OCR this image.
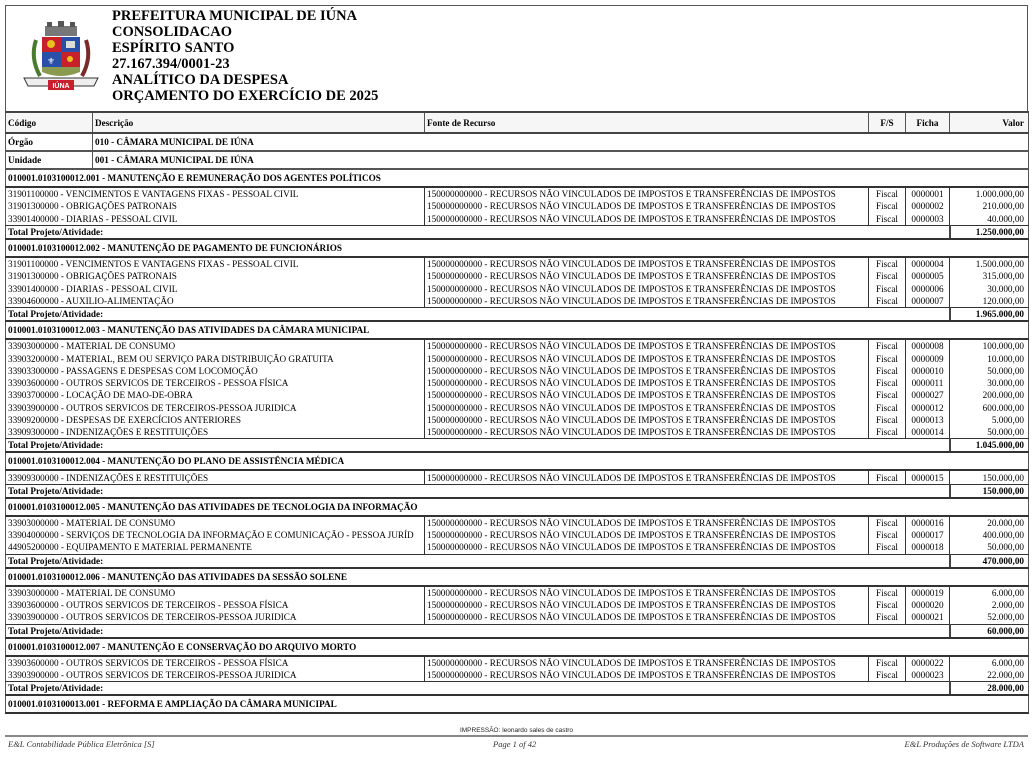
⚜
IÚNA
PREFEITURA MUNICIPAL DE IÚNA
CONSOLIDACAO
ESPÍRITO SANTO
27.167.394/0001-23
ANALÍTICO DA DESPESA
ORÇAMENTO DO EXERCÍCIO DE 2025
Código	Descrição	Fonte de Recurso	F/S	Ficha	Valor
Órgão	010 - CÂMARA MUNICIPAL DE IÚNA				
Unidade	001 - CÂMARA MUNICIPAL DE IÚNA				
010001.0103100012.001 - MANUTENÇÃO E REMUNERAÇÃO DOS AGENTES POLÍTICOS					
31901100000 - VENCIMENTOS E VANTAGENS FIXAS - PESSOAL CIVIL		150000000000 - RECURSOS NÃO VINCULADOS DE IMPOSTOS E TRANSFERÊNCIAS DE IMPOSTOS	Fiscal	0000001	1.000.000,00
31901300000 - OBRIGAÇÕES PATRONAIS		150000000000 - RECURSOS NÃO VINCULADOS DE IMPOSTOS E TRANSFERÊNCIAS DE IMPOSTOS	Fiscal	0000002	210.000,00
33901400000 - DIARIAS - PESSOAL CIVIL		150000000000 - RECURSOS NÃO VINCULADOS DE IMPOSTOS E TRANSFERÊNCIAS DE IMPOSTOS	Fiscal	0000003	40.000,00
Total Projeto/Atividade:					1.250.000,00
010001.0103100012.002 - MANUTENÇÃO DE PAGAMENTO DE FUNCIONÁRIOS					
31901100000 - VENCIMENTOS E VANTAGENS FIXAS - PESSOAL CIVIL		150000000000 - RECURSOS NÃO VINCULADOS DE IMPOSTOS E TRANSFERÊNCIAS DE IMPOSTOS	Fiscal	0000004	1.500.000,00
31901300000 - OBRIGAÇÕES PATRONAIS		150000000000 - RECURSOS NÃO VINCULADOS DE IMPOSTOS E TRANSFERÊNCIAS DE IMPOSTOS	Fiscal	0000005	315.000,00
33901400000 - DIARIAS - PESSOAL CIVIL		150000000000 - RECURSOS NÃO VINCULADOS DE IMPOSTOS E TRANSFERÊNCIAS DE IMPOSTOS	Fiscal	0000006	30.000,00
33904600000 - AUXILIO-ALIMENTAÇÃO		150000000000 - RECURSOS NÃO VINCULADOS DE IMPOSTOS E TRANSFERÊNCIAS DE IMPOSTOS	Fiscal	0000007	120.000,00
Total Projeto/Atividade:					1.965.000,00
010001.0103100012.003 - MANUTENÇÃO DAS ATIVIDADES DA CÂMARA MUNICIPAL					
33903000000 - MATERIAL DE CONSUMO		150000000000 - RECURSOS NÃO VINCULADOS DE IMPOSTOS E TRANSFERÊNCIAS DE IMPOSTOS	Fiscal	0000008	100.000,00
33903200000 - MATERIAL, BEM OU SERVIÇO PARA DISTRIBUIÇÃO GRATUITA		150000000000 - RECURSOS NÃO VINCULADOS DE IMPOSTOS E TRANSFERÊNCIAS DE IMPOSTOS	Fiscal	0000009	10.000,00
33903300000 - PASSAGENS E DESPESAS COM LOCOMOÇÃO		150000000000 - RECURSOS NÃO VINCULADOS DE IMPOSTOS E TRANSFERÊNCIAS DE IMPOSTOS	Fiscal	0000010	50.000,00
33903600000 - OUTROS SERVICOS DE TERCEIROS - PESSOA FÍSICA		150000000000 - RECURSOS NÃO VINCULADOS DE IMPOSTOS E TRANSFERÊNCIAS DE IMPOSTOS	Fiscal	0000011	30.000,00
33903700000 - LOCAÇÃO DE MAO-DE-OBRA		150000000000 - RECURSOS NÃO VINCULADOS DE IMPOSTOS E TRANSFERÊNCIAS DE IMPOSTOS	Fiscal	0000027	200.000,00
33903900000 - OUTROS SERVICOS DE TERCEIROS-PESSOA JURIDICA		150000000000 - RECURSOS NÃO VINCULADOS DE IMPOSTOS E TRANSFERÊNCIAS DE IMPOSTOS	Fiscal	0000012	600.000,00
33909200000 - DESPESAS DE EXERCÍCIOS ANTERIORES		150000000000 - RECURSOS NÃO VINCULADOS DE IMPOSTOS E TRANSFERÊNCIAS DE IMPOSTOS	Fiscal	0000013	5.000,00
33909300000 - INDENIZAÇÕES E RESTITUIÇÕES		150000000000 - RECURSOS NÃO VINCULADOS DE IMPOSTOS E TRANSFERÊNCIAS DE IMPOSTOS	Fiscal	0000014	50.000,00
Total Projeto/Atividade:					1.045.000,00
010001.0103100012.004 - MANUTENÇÃO DO PLANO DE ASSISTÊNCIA MÉDICA					
33909300000 - INDENIZAÇÕES E RESTITUIÇÕES		150000000000 - RECURSOS NÃO VINCULADOS DE IMPOSTOS E TRANSFERÊNCIAS DE IMPOSTOS	Fiscal	0000015	150.000,00
Total Projeto/Atividade:					150.000,00
010001.0103100012.005 - MANUTENÇÃO DAS ATIVIDADES DE TECNOLOGIA DA INFORMAÇÃO					
33903000000 - MATERIAL DE CONSUMO		150000000000 - RECURSOS NÃO VINCULADOS DE IMPOSTOS E TRANSFERÊNCIAS DE IMPOSTOS	Fiscal	0000016	20.000,00
33904000000 - SERVIÇOS DE TECNOLOGIA DA INFORMAÇÃO E COMUNICAÇÃO - PESSOA JURÍD		150000000000 - RECURSOS NÃO VINCULADOS DE IMPOSTOS E TRANSFERÊNCIAS DE IMPOSTOS	Fiscal	0000017	400.000,00
44905200000 - EQUIPAMENTO E MATERIAL PERMANENTE		150000000000 - RECURSOS NÃO VINCULADOS DE IMPOSTOS E TRANSFERÊNCIAS DE IMPOSTOS	Fiscal	0000018	50.000,00
Total Projeto/Atividade:					470.000,00
010001.0103100012.006 - MANUTENÇÃO DAS ATIVIDADES DA SESSÃO SOLENE					
33903000000 - MATERIAL DE CONSUMO		150000000000 - RECURSOS NÃO VINCULADOS DE IMPOSTOS E TRANSFERÊNCIAS DE IMPOSTOS	Fiscal	0000019	6.000,00
33903600000 - OUTROS SERVICOS DE TERCEIROS - PESSOA FÍSICA		150000000000 - RECURSOS NÃO VINCULADOS DE IMPOSTOS E TRANSFERÊNCIAS DE IMPOSTOS	Fiscal	0000020	2.000,00
33903900000 - OUTROS SERVICOS DE TERCEIROS-PESSOA JURIDICA		150000000000 - RECURSOS NÃO VINCULADOS DE IMPOSTOS E TRANSFERÊNCIAS DE IMPOSTOS	Fiscal	0000021	52.000,00
Total Projeto/Atividade:					60.000,00
010001.0103100012.007 - MANUTENÇÃO E CONSERVAÇÃO DO ARQUIVO MORTO					
33903600000 - OUTROS SERVICOS DE TERCEIROS - PESSOA FÍSICA		150000000000 - RECURSOS NÃO VINCULADOS DE IMPOSTOS E TRANSFERÊNCIAS DE IMPOSTOS	Fiscal	0000022	6.000,00
33903900000 - OUTROS SERVICOS DE TERCEIROS-PESSOA JURIDICA		150000000000 - RECURSOS NÃO VINCULADOS DE IMPOSTOS E TRANSFERÊNCIAS DE IMPOSTOS	Fiscal	0000023	22.000,00
Total Projeto/Atividade:					28.000,00
010001.0103100013.001 - REFORMA E AMPLIAÇÃO DA CÂMARA MUNICIPAL					
IMPRESSÃO: leonardo sales de castro
E&L Contabilidade Pública Eletrônica [S]	Page 1 of 42	E&L Produções de Software LTDA
